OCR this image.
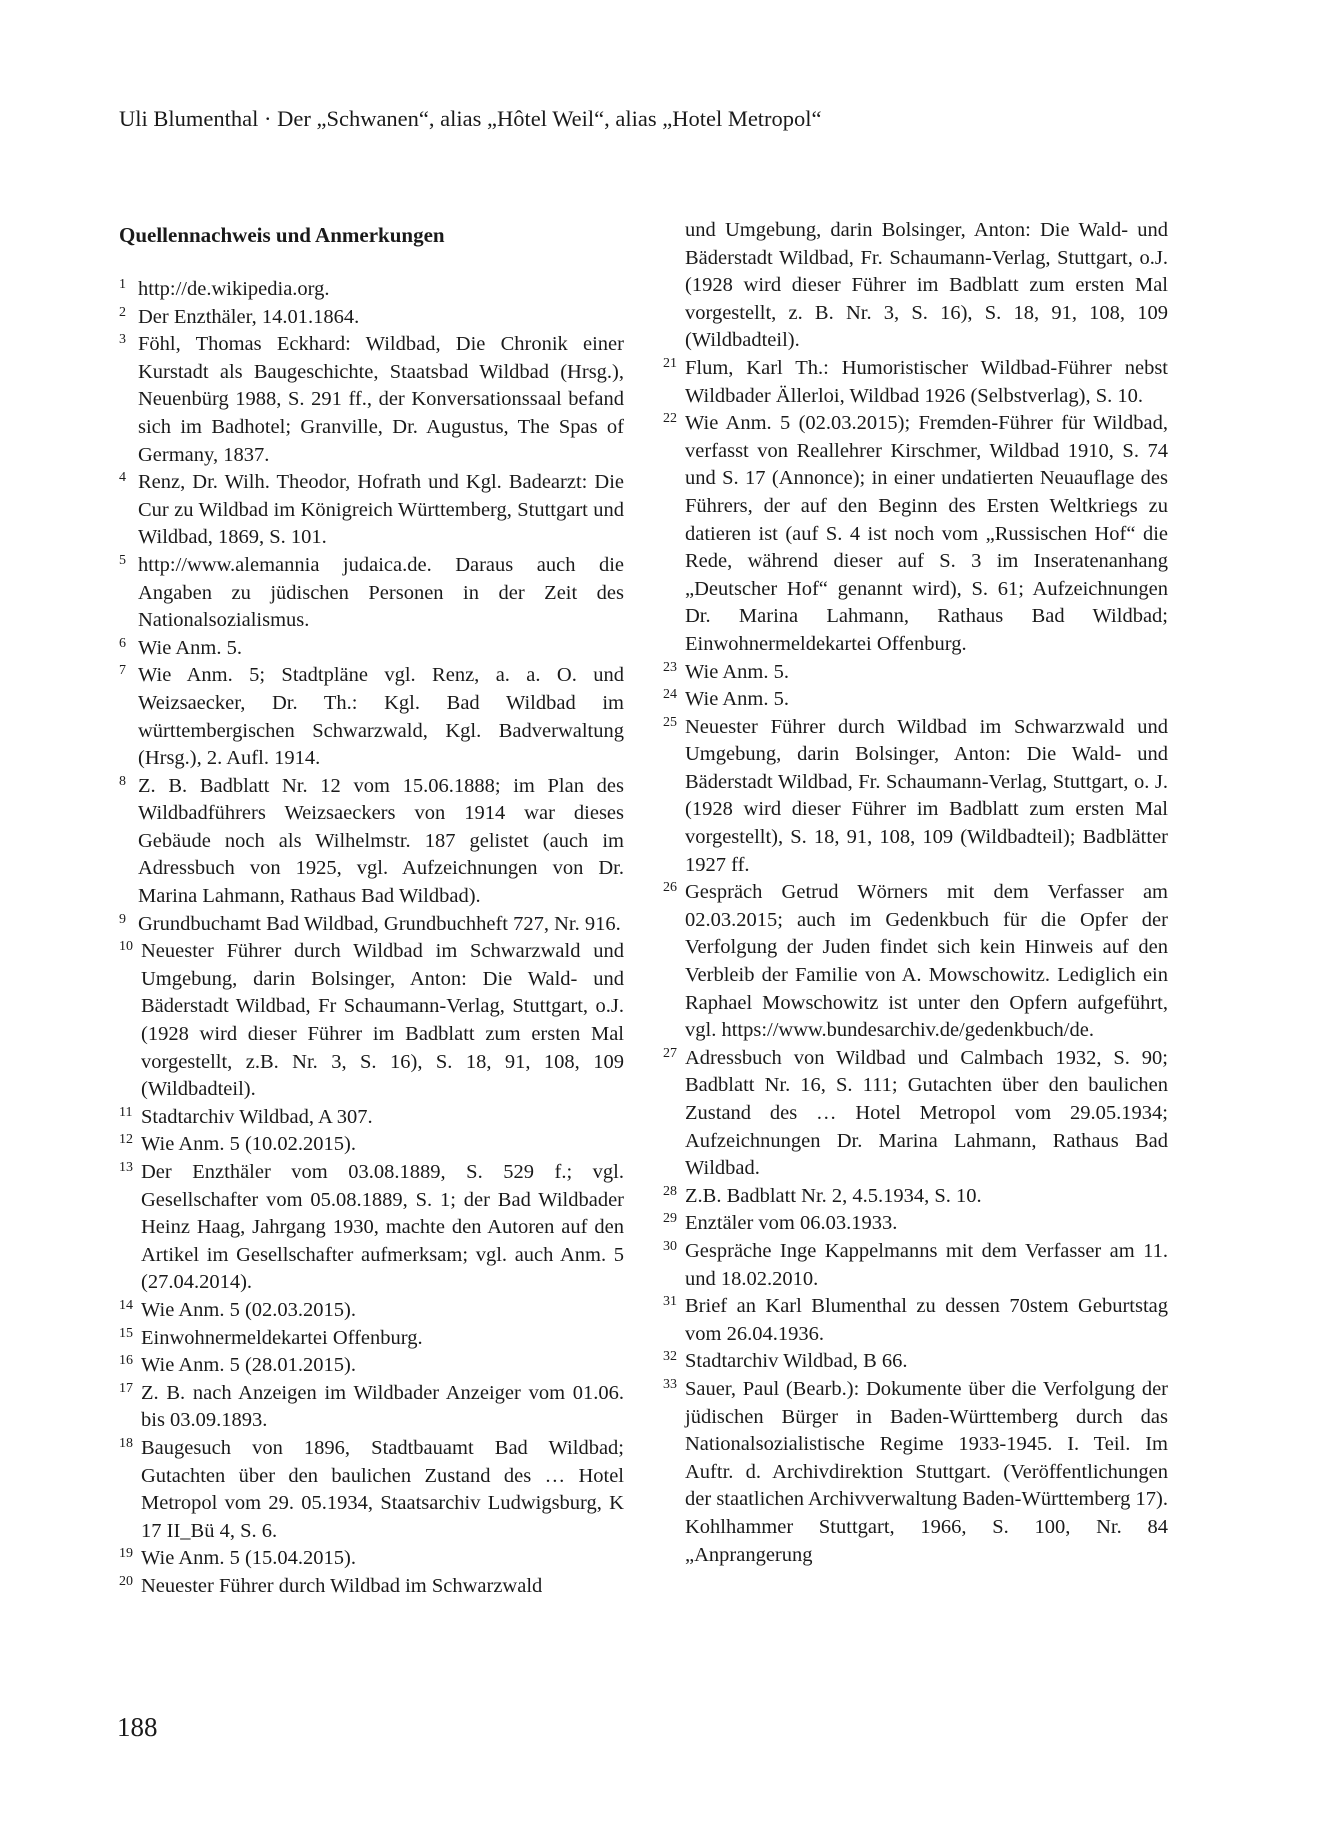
Uli Blumenthal · Der „Schwanen“, alias „Hôtel Weil“, alias „Hotel Metropol“
Quellennachweis und Anmerkungen
1 http://de.wikipedia.org.
2 Der Enzthäler, 14.01.1864.
3 Föhl, Thomas Eckhard: Wildbad, Die Chronik einer Kurstadt als Baugeschichte, Staatsbad Wildbad (Hrsg.), Neuenbürg 1988, S. 291 ff., der Konversationssaal befand sich im Badhotel; Granville, Dr. Augustus, The Spas of Germany, 1837.
4 Renz, Dr. Wilh. Theodor, Hofrath und Kgl. Badearzt: Die Cur zu Wildbad im Königreich Württemberg, Stuttgart und Wildbad, 1869, S. 101.
5 http://www.alemannia judaica.de. Daraus auch die Angaben zu jüdischen Personen in der Zeit des Nationalsozialismus.
6 Wie Anm. 5.
7 Wie Anm. 5; Stadtpläne vgl. Renz, a. a. O. und Weizsaecker, Dr. Th.: Kgl. Bad Wildbad im württembergischen Schwarzwald, Kgl. Badverwaltung (Hrsg.), 2. Aufl. 1914.
8 Z. B. Badblatt Nr. 12 vom 15.06.1888; im Plan des Wildbadführers Weizsaeckers von 1914 war dieses Gebäude noch als Wilhelmstr. 187 gelistet (auch im Adressbuch von 1925, vgl. Aufzeichnungen von Dr. Marina Lahmann, Rathaus Bad Wildbad).
9 Grundbuchamt Bad Wildbad, Grundbuchheft 727, Nr. 916.
10 Neuester Führer durch Wildbad im Schwarzwald und Umgebung, darin Bolsinger, Anton: Die Wald- und Bäderstadt Wildbad, Fr Schaumann-Verlag, Stuttgart, o.J. (1928 wird dieser Führer im Badblatt zum ersten Mal vorgestellt, z.B. Nr. 3, S. 16), S. 18, 91, 108, 109 (Wildbadteil).
11 Stadtarchiv Wildbad, A 307.
12 Wie Anm. 5 (10.02.2015).
13 Der Enzthäler vom 03.08.1889, S. 529 f.; vgl. Gesellschafter vom 05.08.1889, S. 1; der Bad Wildbader Heinz Haag, Jahrgang 1930, machte den Autoren auf den Artikel im Gesellschafter aufmerksam; vgl. auch Anm. 5 (27.04.2014).
14 Wie Anm. 5 (02.03.2015).
15 Einwohnermeldekartei Offenburg.
16 Wie Anm. 5 (28.01.2015).
17 Z. B. nach Anzeigen im Wildbader Anzeiger vom 01.06. bis 03.09.1893.
18 Baugesuch von 1896, Stadtbauamt Bad Wildbad; Gutachten über den baulichen Zustand des … Hotel Metropol vom 29. 05.1934, Staatsarchiv Ludwigsburg, K 17 II_Bü 4, S. 6.
19 Wie Anm. 5 (15.04.2015).
20 Neuester Führer durch Wildbad im Schwarzwald
und Umgebung, darin Bolsinger, Anton: Die Wald- und Bäderstadt Wildbad, Fr. Schaumann-Verlag, Stuttgart, o.J. (1928 wird dieser Führer im Badblatt zum ersten Mal vorgestellt, z. B. Nr. 3, S. 16), S. 18, 91, 108, 109 (Wildbadteil).
21 Flum, Karl Th.: Humoristischer Wildbad-Führer nebst Wildbader Ällerloi, Wildbad 1926 (Selbstverlag), S. 10.
22 Wie Anm. 5 (02.03.2015); Fremden-Führer für Wildbad, verfasst von Reallehrer Kirschmer, Wildbad 1910, S. 74 und S. 17 (Annonce); in einer undatierten Neuauflage des Führers, der auf den Beginn des Ersten Weltkriegs zu datieren ist (auf S. 4 ist noch vom „Russischen Hof“ die Rede, während dieser auf S. 3 im Inseratenanhang „Deutscher Hof“ genannt wird), S. 61; Aufzeichnungen Dr. Marina Lahmann, Rathaus Bad Wildbad; Einwohnermeldekartei Offenburg.
23 Wie Anm. 5.
24 Wie Anm. 5.
25 Neuester Führer durch Wildbad im Schwarzwald und Umgebung, darin Bolsinger, Anton: Die Wald- und Bäderstadt Wildbad, Fr. Schaumann-Verlag, Stuttgart, o. J. (1928 wird dieser Führer im Badblatt zum ersten Mal vorgestellt), S. 18, 91, 108, 109 (Wildbadteil); Badblätter 1927 ff.
26 Gespräch Getrud Wörners mit dem Verfasser am 02.03.2015; auch im Gedenkbuch für die Opfer der Verfolgung der Juden findet sich kein Hinweis auf den Verbleib der Familie von A. Mowschowitz. Lediglich ein Raphael Mowschowitz ist unter den Opfern aufgeführt, vgl. https://www.bundesarchiv.de/gedenkbuch/de.
27 Adressbuch von Wildbad und Calmbach 1932, S. 90; Badblatt Nr. 16, S. 111; Gutachten über den baulichen Zustand des … Hotel Metropol vom 29.05.1934; Aufzeichnungen Dr. Marina Lahmann, Rathaus Bad Wildbad.
28 Z.B. Badblatt Nr. 2, 4.5.1934, S. 10.
29 Enztäler vom 06.03.1933.
30 Gespräche Inge Kappelmanns mit dem Verfasser am 11. und 18.02.2010.
31 Brief an Karl Blumenthal zu dessen 70stem Geburtstag vom 26.04.1936.
32 Stadtarchiv Wildbad, B 66.
33 Sauer, Paul (Bearb.): Dokumente über die Verfolgung der jüdischen Bürger in Baden-Württemberg durch das Nationalsozialistische Regime 1933-1945. I. Teil. Im Auftr. d. Archivdirektion Stuttgart. (Veröffentlichungen der staatlichen Archivverwaltung Baden-Württemberg 17). Kohlhammer Stuttgart, 1966, S. 100, Nr. 84 „Anprangerung
188
